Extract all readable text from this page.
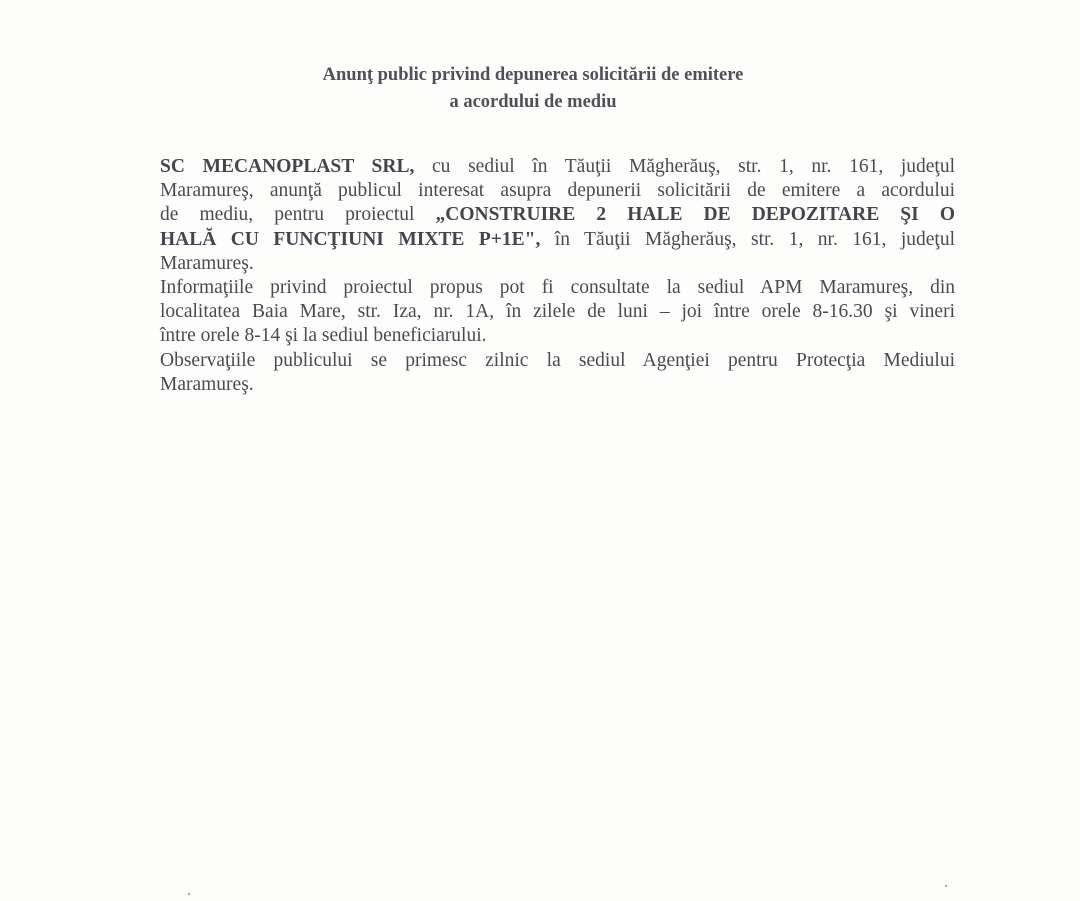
Anunţ public privind depunerea solicitării de emitere
a acordului de mediu
SC MECANOPLAST SRL, cu sediul în Tăuţii Măgherăuş, str. 1, nr. 161, judeţul
Maramureş, anunţă publicul interesat asupra depunerii solicitării de emitere a acordului
de mediu, pentru proiectul „CONSTRUIRE 2 HALE DE DEPOZITARE ŞI O
HALĂ CU FUNCŢIUNI MIXTE P+1E", în Tăuţii Măgherăuş, str. 1, nr. 161, judeţul
Maramureş.
Informaţiile privind proiectul propus pot fi consultate la sediul APM Maramureş, din
localitatea Baia Mare, str. Iza, nr. 1A, în zilele de luni – joi între orele 8-16.30 şi vineri
între orele 8-14 şi la sediul beneficiarului.
Observaţiile publicului se primesc zilnic la sediul Agenţiei pentru Protecţia Mediului
Maramureş.
